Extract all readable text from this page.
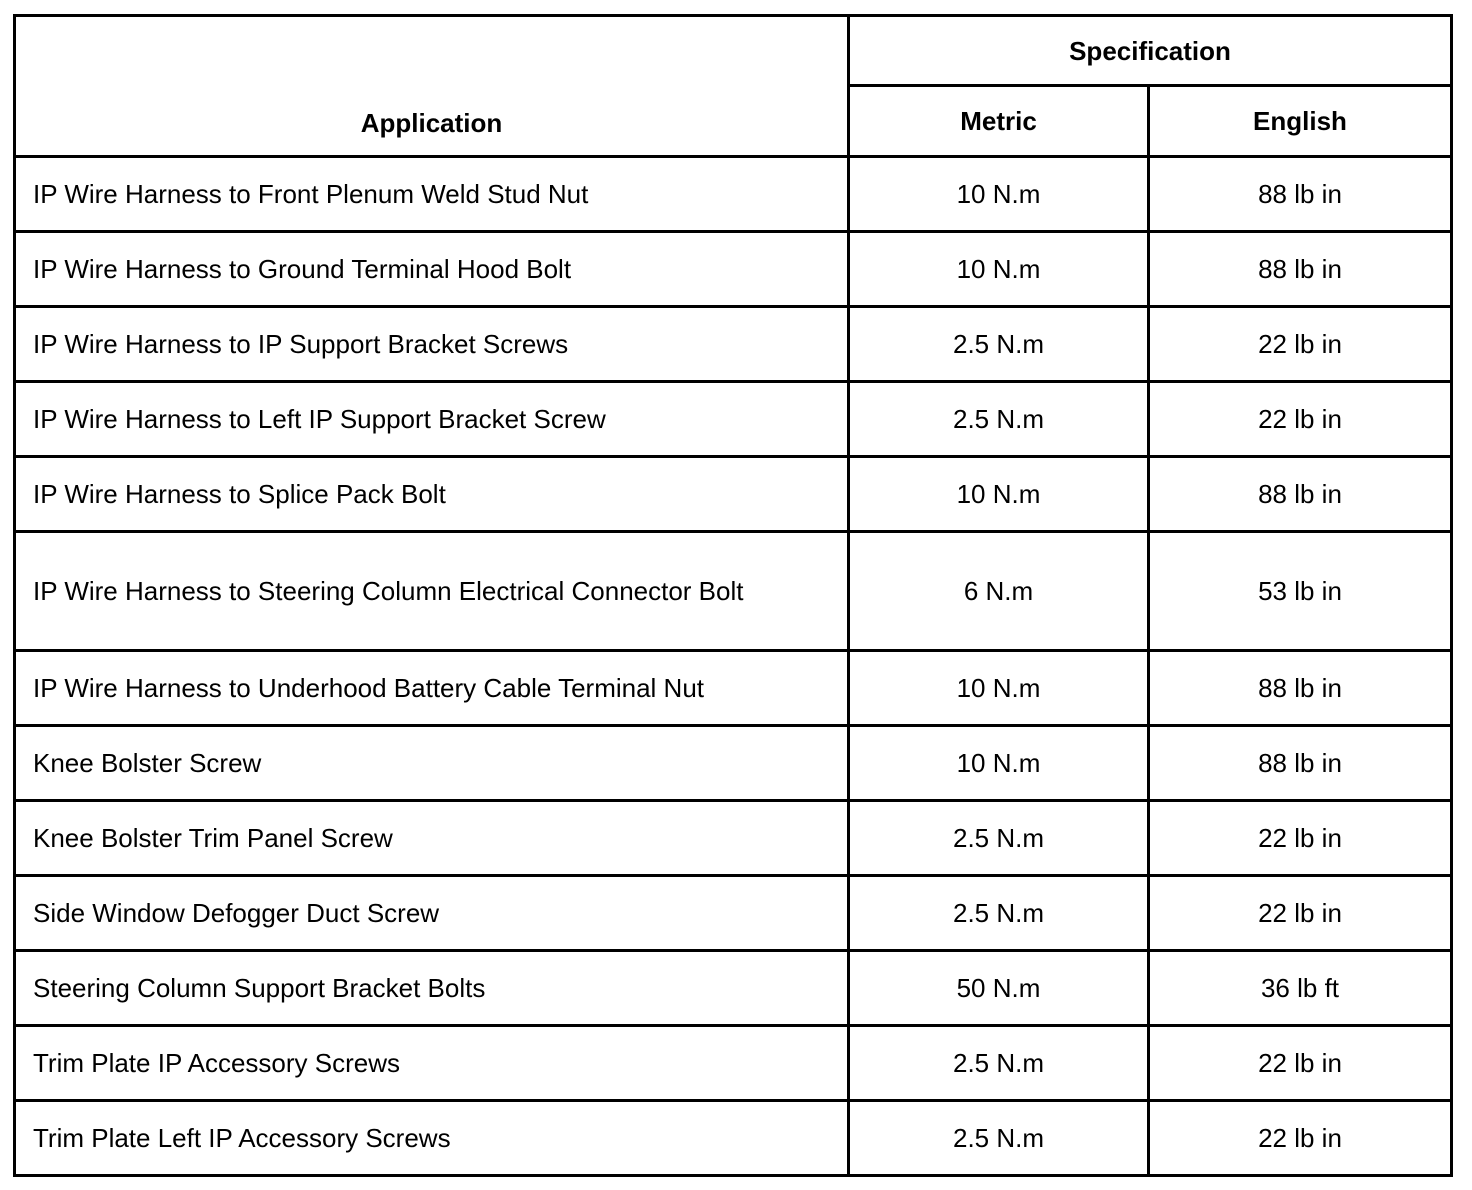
Application	Specification	
	Metric	English
IP Wire Harness to Front Plenum Weld Stud Nut	10 N.m	88 lb in
IP Wire Harness to Ground Terminal Hood Bolt	10 N.m	88 lb in
IP Wire Harness to IP Support Bracket Screws	2.5 N.m	22 lb in
IP Wire Harness to Left IP Support Bracket Screw	2.5 N.m	22 lb in
IP Wire Harness to Splice Pack Bolt	10 N.m	88 lb in
IP Wire Harness to Steering Column Electrical Connector Bolt	6 N.m	53 lb in
IP Wire Harness to Underhood Battery Cable Terminal Nut	10 N.m	88 lb in
Knee Bolster Screw	10 N.m	88 lb in
Knee Bolster Trim Panel Screw	2.5 N.m	22 lb in
Side Window Defogger Duct Screw	2.5 N.m	22 lb in
Steering Column Support Bracket Bolts	50 N.m	36 lb ft
Trim Plate IP Accessory Screws	2.5 N.m	22 lb in
Trim Plate Left IP Accessory Screws	2.5 N.m	22 lb in
